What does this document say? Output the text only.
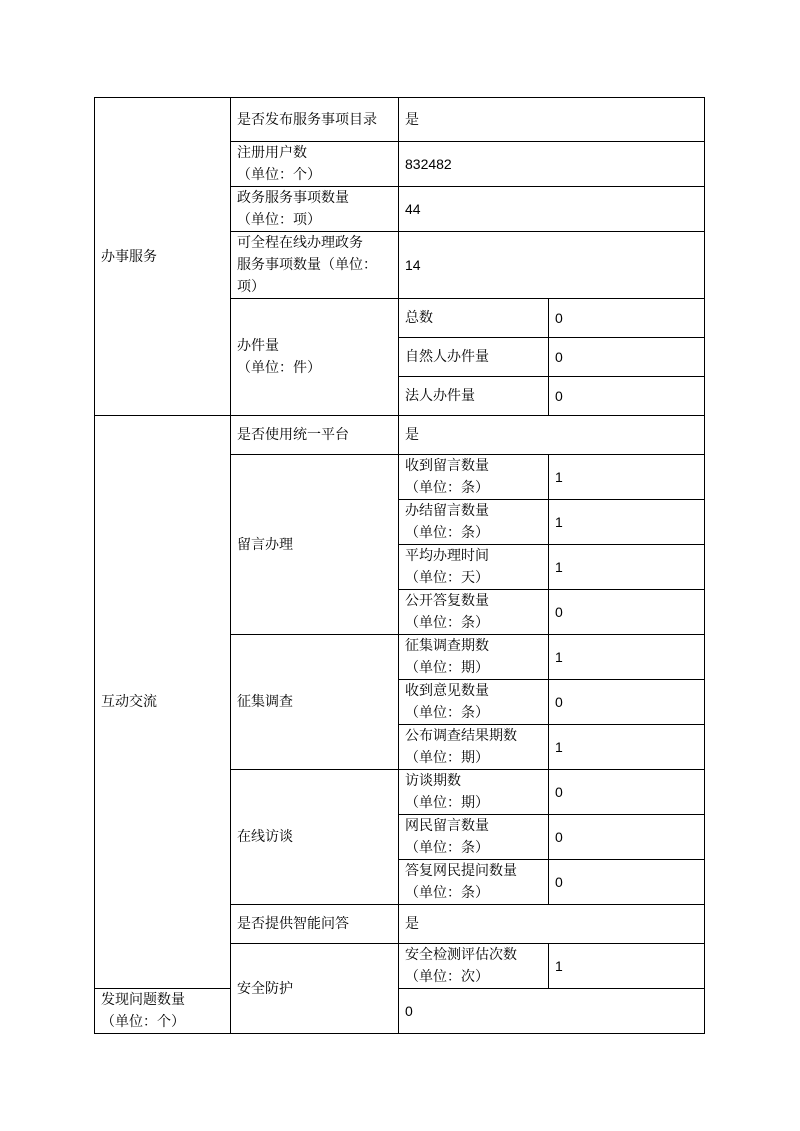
办事服务	是否发布服务事项目录	是	
	注册用户数
（单位：个）	832482	
	政务服务事项数量
（单位：项）	44	
	可全程在线办理政务
服务事项数量（单位：
项）	14	
	办件量
（单位：件）	总数	0
		自然人办件量	0
		法人办件量	0
互动交流	是否使用统一平台	是	
	留言办理	收到留言数量
（单位：条）	1
		办结留言数量
（单位：条）	1
		平均办理时间
（单位：天）	1
		公开答复数量
（单位：条）	0
	征集调查	征集调查期数
（单位：期）	1
		收到意见数量
（单位：条）	0
		公布调查结果期数
（单位：期）	1
	在线访谈	访谈期数
（单位：期）	0
		网民留言数量
（单位：条）	0
		答复网民提问数量
（单位：条）	0
	是否提供智能问答	是	
	安全防护	安全检测评估次数
（单位：次）	1
发现问题数量
（单位：个）		0	
